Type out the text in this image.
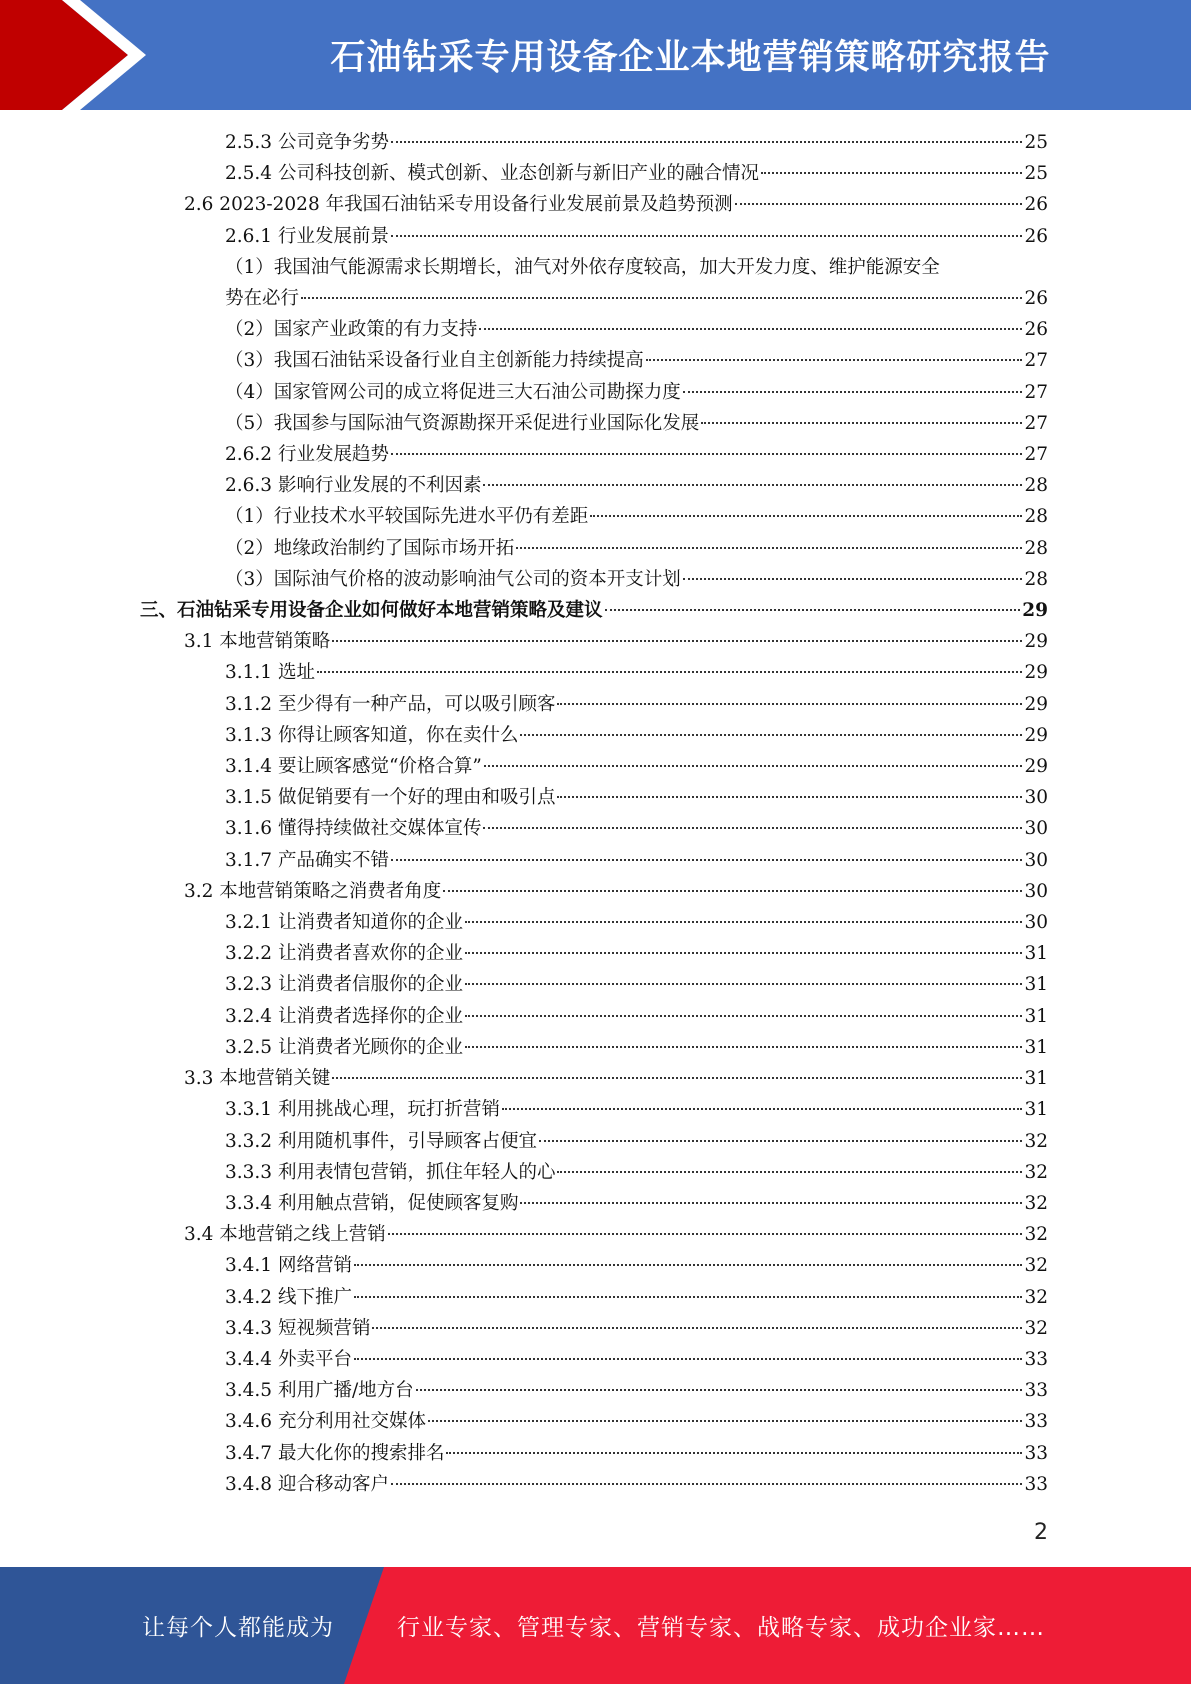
石油钻采专用设备企业本地营销策略研究报告
2.5.3 公司竞争劣势	25
2.5.4 公司科技创新、模式创新、业态创新与新旧产业的融合情况	25
2.6 2023-2028 年我国石油钻采专用设备行业发展前景及趋势预测	26
2.6.1 行业发展前景	26
（1）我国油气能源需求长期增长，油气对外依存度较高，加大开发力度、维护能源安全
势在必行	26
（2）国家产业政策的有力支持	26
（3）我国石油钻采设备行业自主创新能力持续提高	27
（4）国家管网公司的成立将促进三大石油公司勘探力度	27
（5）我国参与国际油气资源勘探开采促进行业国际化发展	27
2.6.2 行业发展趋势	27
2.6.3 影响行业发展的不利因素	28
（1）行业技术水平较国际先进水平仍有差距	28
（2）地缘政治制约了国际市场开拓	28
（3）国际油气价格的波动影响油气公司的资本开支计划	28
三、石油钻采专用设备企业如何做好本地营销策略及建议	29
3.1 本地营销策略	29
3.1.1 选址	29
3.1.2 至少得有一种产品，可以吸引顾客	29
3.1.3 你得让顾客知道，你在卖什么	29
3.1.4 要让顾客感觉“价格合算”	29
3.1.5 做促销要有一个好的理由和吸引点	30
3.1.6 懂得持续做社交媒体宣传	30
3.1.7 产品确实不错	30
3.2 本地营销策略之消费者角度	30
3.2.1 让消费者知道你的企业	30
3.2.2 让消费者喜欢你的企业	31
3.2.3 让消费者信服你的企业	31
3.2.4 让消费者选择你的企业	31
3.2.5 让消费者光顾你的企业	31
3.3 本地营销关键	31
3.3.1 利用挑战心理，玩打折营销	31
3.3.2 利用随机事件，引导顾客占便宜	32
3.3.3 利用表情包营销，抓住年轻人的心	32
3.3.4 利用触点营销，促使顾客复购	32
3.4 本地营销之线上营销	32
3.4.1 网络营销	32
3.4.2 线下推广	32
3.4.3 短视频营销	32
3.4.4 外卖平台	33
3.4.5 利用广播/地方台	33
3.4.6 充分利用社交媒体	33
3.4.7 最大化你的搜索排名	33
3.4.8 迎合移动客户	33
2
让每个人都能成为	行业专家、管理专家、营销专家、战略专家、成功企业家……
